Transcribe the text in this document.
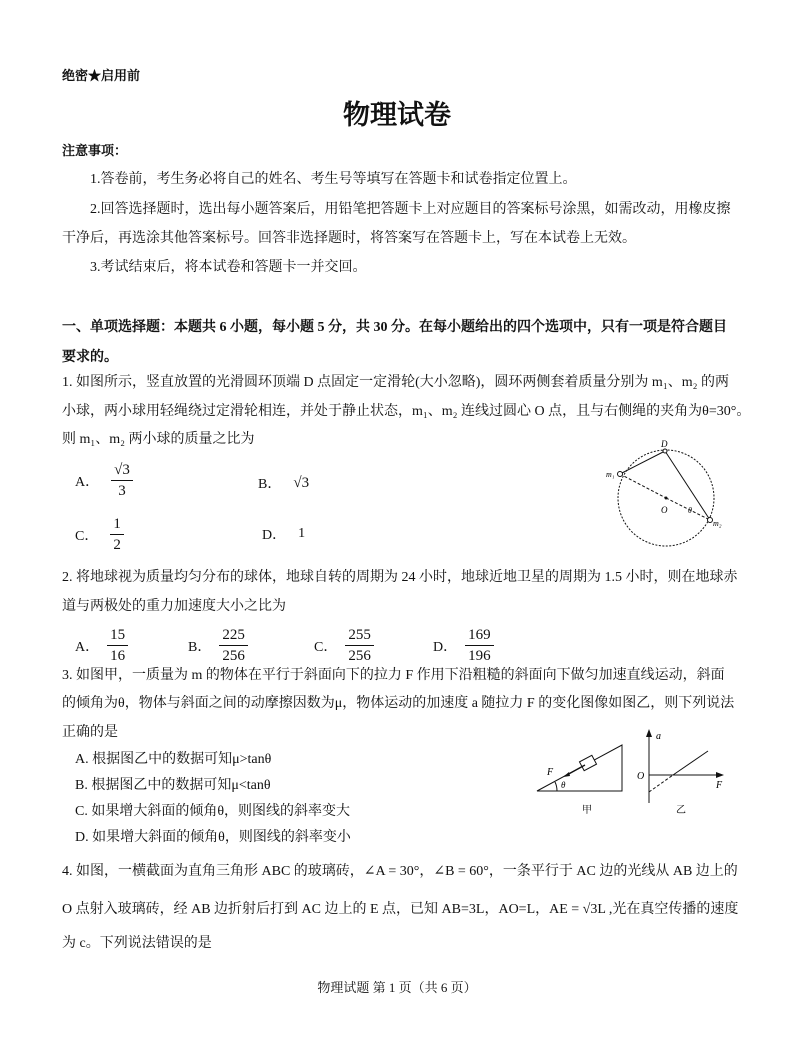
绝密★启用前
物理试卷
注意事项：
1.答卷前，考生务必将自己的姓名、考生号等填写在答题卡和试卷指定位置上。
2.回答选择题时，选出每小题答案后，用铅笔把答题卡上对应题目的答案标号涂黑，如需改动，用橡皮擦
干净后，再选涂其他答案标号。回答非选择题时，将答案写在答题卡上，写在本试卷上无效。
3.考试结束后，将本试卷和答题卡一并交回。
一、单项选择题：本题共 6 小题，每小题 5 分，共 30 分。在每小题给出的四个选项中，只有一项是符合题目
要求的。
1. 如图所示，竖直放置的光滑圆环顶端 D 点固定一定滑轮(大小忽略)，圆环两侧套着质量分别为 m₁、m₂ 的两
小球，两小球用轻绳绕过定滑轮相连，并处于静止状态，m₁、m₂ 连线过圆心 O 点，且与右侧绳的夹角为θ=30°。
则 m₁、m₂ 两小球的质量之比为
A． $\frac{√3}{3}$	B． √3
C． $\frac{1}{2}$	D． 1
D
m₁
O	θ
m₂
2. 将地球视为质量均匀分布的球体，地球自转的周期为 24 小时，地球近地卫星的周期为 1.5 小时，则在地球赤
道与两极处的重力加速度大小之比为
A． $\frac{15}{16}$	B． $\frac{225}{256}$	C． $\frac{255}{256}$	D． $\frac{169}{196}$
3. 如图甲，一质量为 m 的物体在平行于斜面向下的拉力 F 作用下沿粗糙的斜面向下做匀加速直线运动，斜面
的倾角为θ，物体与斜面之间的动摩擦因数为μ，物体运动的加速度 a 随拉力 F 的变化图像如图乙，则下列说法
正确的是
A. 根据图乙中的数据可知μ>tanθ
B. 根据图乙中的数据可知μ<tanθ
C. 如果增大斜面的倾角θ，则图线的斜率变大
D. 如果增大斜面的倾角θ，则图线的斜率变小
F
θ
甲
a
O
F
乙
4. 如图，一横截面为直角三角形 ABC 的玻璃砖，∠A = 30°，∠B = 60°，一条平行于 AC 边的光线从 AB 边上的
O 点射入玻璃砖，经 AB 边折射后打到 AC 边上的 E 点，已知 AB=3L，AO=L，AE = √3L ,光在真空传播的速度
为 c。下列说法错误的是
物理试题 第 1 页（共 6 页）
